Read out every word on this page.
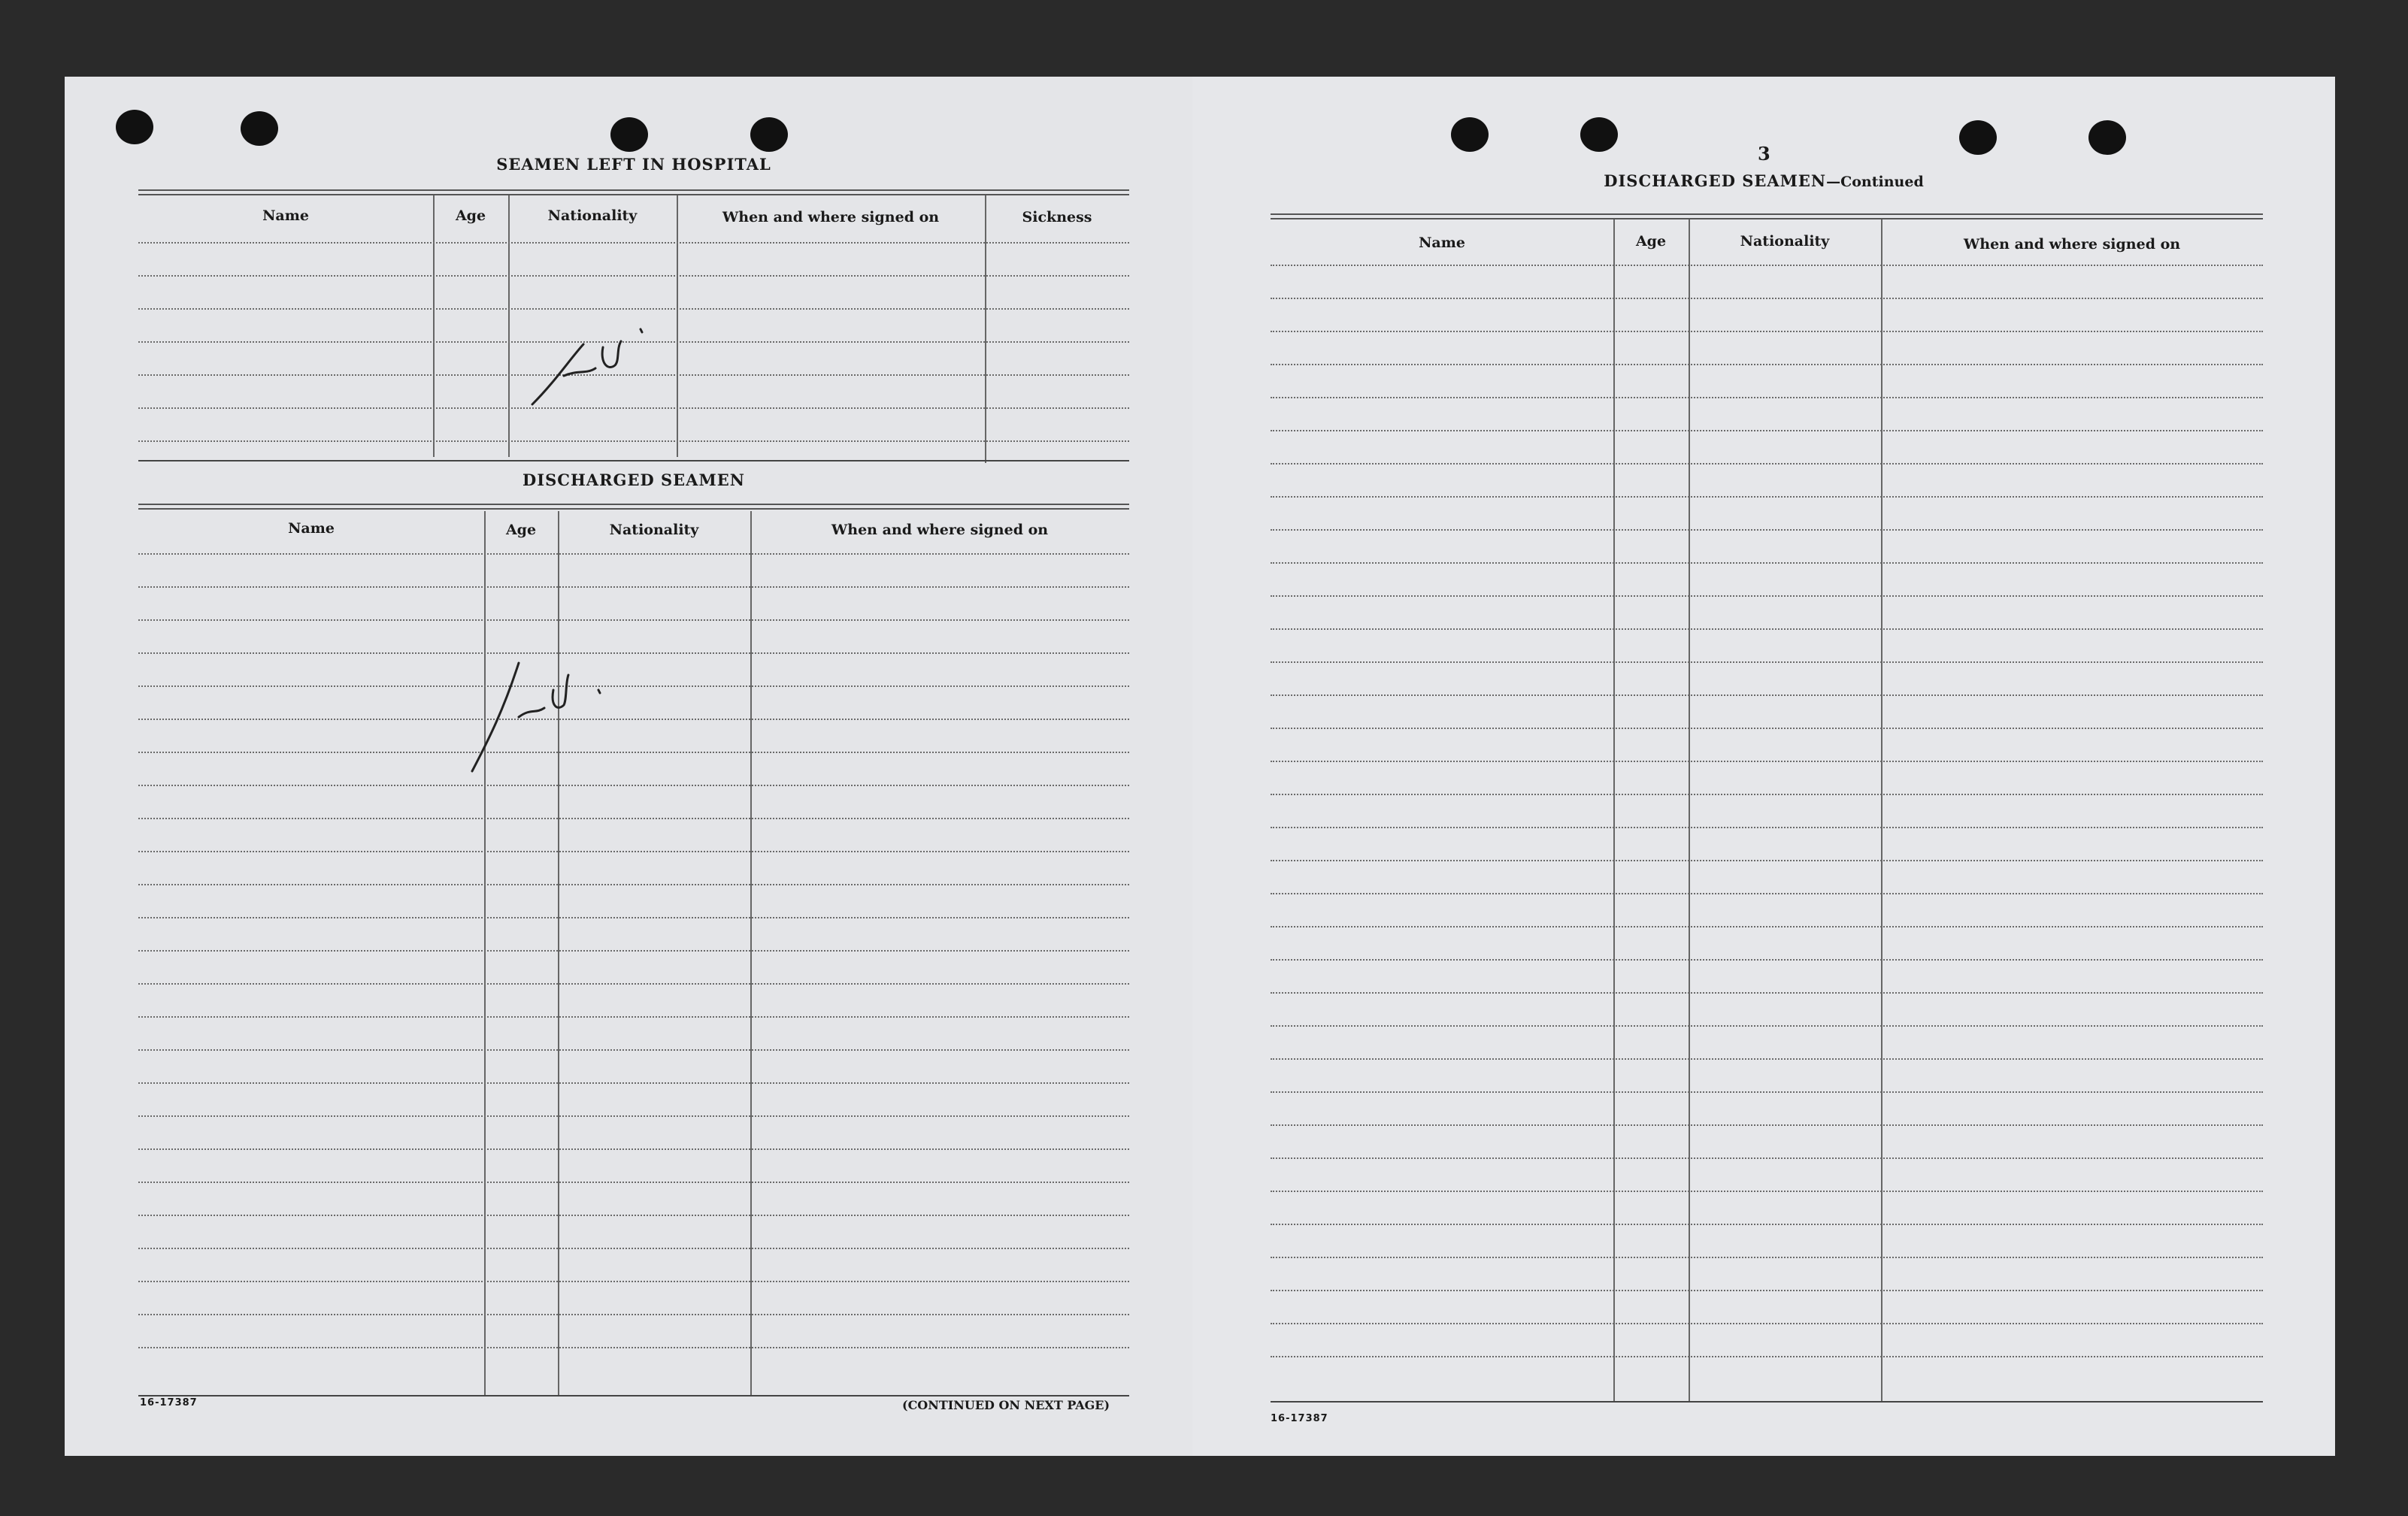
SEAMEN LEFT IN HOSPITAL
Name	Age	Nationality	When and where signed on	Sickness
DISCHARGED SEAMEN
Name	Age	Nationality	When and where signed on
16-17387	(CONTINUED ON NEXT PAGE)
3
DISCHARGED SEAMEN—Continued
Name	Age	Nationality	When and where signed on
16-17387
